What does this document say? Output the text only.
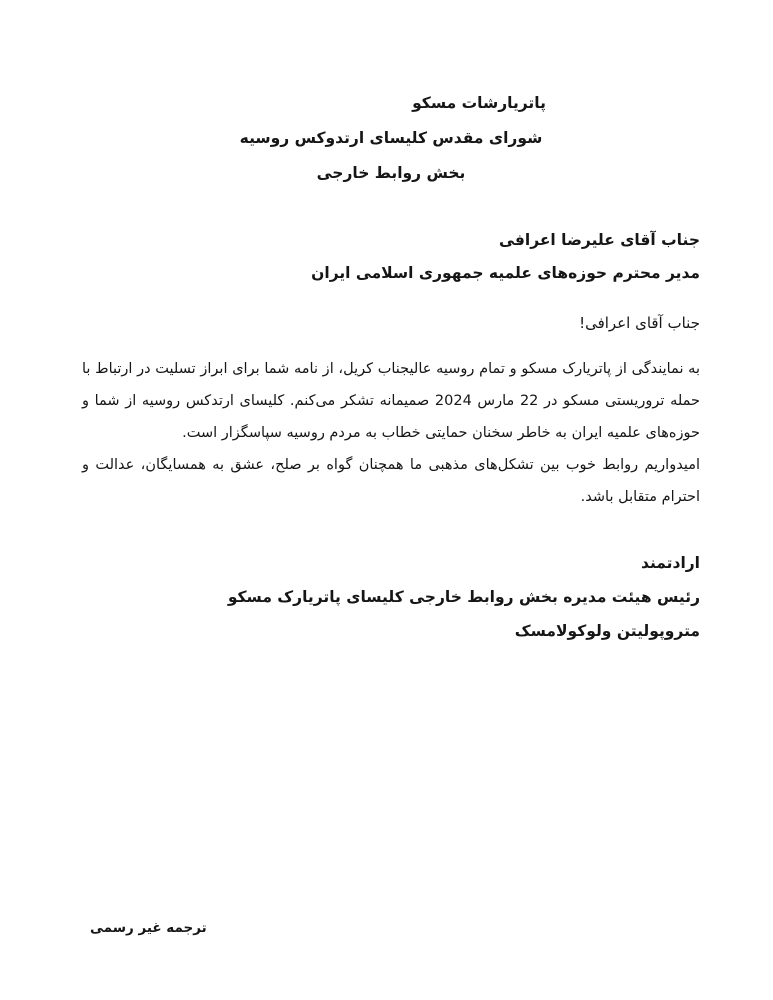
پاتریارشات مسکو
شورای مقدس کلیسای ارتدوکس روسیه
بخش روابط خارجی
جناب آقای علیرضا اعرافی
مدیر محترم حوزه‌های علمیه جمهوری اسلامی ایران
جناب آقای اعرافی!

به نمایندگی از پاتریارک مسکو و تمام روسیه عالیجناب کریل، از نامه شما برای ابراز تسلیت در ارتباط با حمله تروریستی مسکو در 22 مارس 2024 صمیمانه تشکر می‌کنم. کلیسای ارتدکس روسیه از شما و حوزه‌های علمیه ایران به خاطر سخنان حمایتی خطاب به مردم روسیه سپاسگزار است.

امیدواریم روابط خوب بین تشکل‌های مذهبی ما همچنان گواه بر صلح، عشق به همسایگان، عدالت و احترام متقابل باشد.

ارادتمند
رئیس هیئت مدیره بخش روابط خارجی کلیسای پاتریارک مسکو
متروپولیتن ولوکولامسک
ترجمه غیر رسمی
